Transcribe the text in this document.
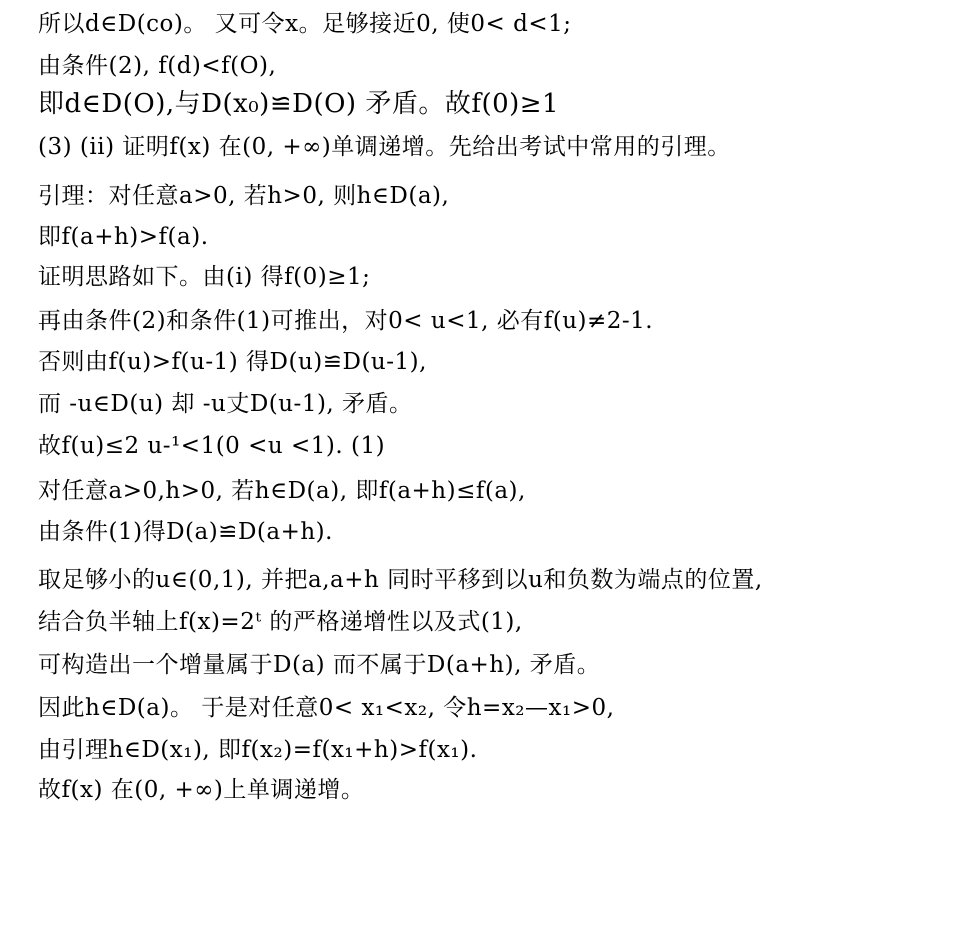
所以d∈D(co)。 又可令x。足够接近0, 使0< d<1;
由条件(2), f(d)<f(O),
即d∈D(O),与D(x₀)≌D(O) 矛盾。故f(0)≥1
(3) (ii) 证明f(x) 在(0, +∞)单调递增。先给出考试中常用的引理。
引理：对任意a>0, 若h>0, 则h∈D(a),
即f(a+h)>f(a).
证明思路如下。由(i) 得f(0)≥1;
再由条件(2)和条件(1)可推出，对0< u<1, 必有f(u)≠2-1.
否则由f(u)>f(u-1) 得D(u)≌D(u-1),
而 -u∈D(u) 却 -u丈D(u-1), 矛盾。
故f(u)≤2 u-¹<1(0 <u <1). (1)
对任意a>0,h>0, 若h∈D(a), 即f(a+h)≤f(a),
由条件(1)得D(a)≌D(a+h).
取足够小的u∈(0,1), 并把a,a+h 同时平移到以u和负数为端点的位置,
结合负半轴上f(x)=2ᵗ 的严格递增性以及式(1),
可构造出一个增量属于D(a) 而不属于D(a+h), 矛盾。
因此h∈D(a)。 于是对任意0< x₁<x₂, 令h=x₂—x₁>0,
由引理h∈D(x₁), 即f(x₂)=f(x₁+h)>f(x₁).
故f(x) 在(0, +∞)上单调递增。
